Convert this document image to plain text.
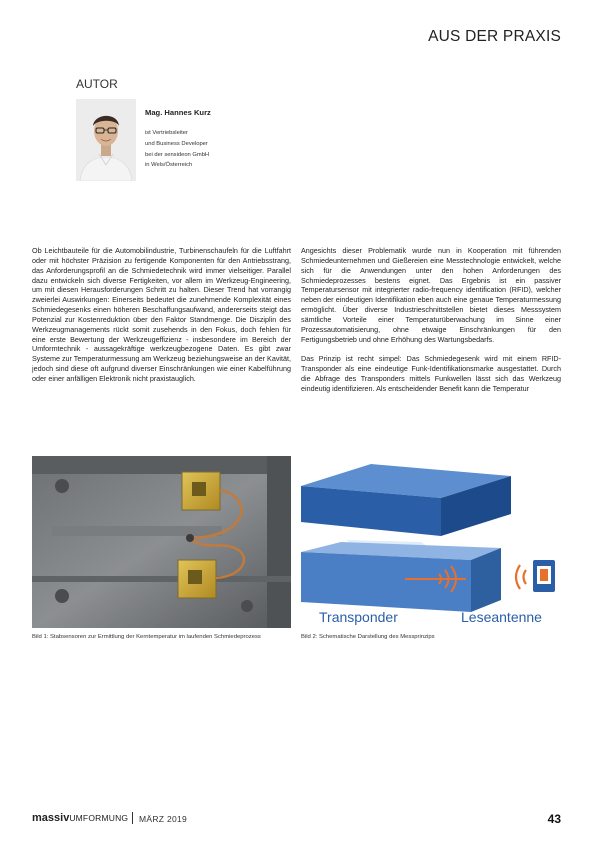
AUS DER PRAXIS
AUTOR
Mag. Hannes Kurz
ist Vertriebsleiter
und Business Developer
bei der sensideon GmbH
in Wels/Österreich

Ob Leichtbauteile für die Automobilindustrie, Turbinenschaufeln für die Luftfahrt oder mit höchster Präzision zu fertigende Komponenten für den Antriebsstrang, das Anforderungsprofil an die Schmiedetechnik wird immer vielseitiger. Parallel dazu entwickeln sich diverse Fertigkeiten, vor allem im Werkzeug-Engineering, um mit diesen Herausforderungen Schritt zu halten. Dieser Trend hat vorrangig zweierlei Auswirkungen: Einerseits bedeutet die zunehmende Komplexität eines Schmiedegesenks einen höheren Beschaffungsaufwand, andererseits steigt das Potenzial zur Kostenreduktion über den Faktor Standmenge. Die Disziplin des Werkzeugmanagements rückt somit zusehends in den Fokus, doch fehlen für eine erste Bewertung der Werkzeugeffizienz - insbesondere im Bereich der Umformtechnik - aussagekräftige werkzeugbezogene Daten. Es gibt zwar Systeme zur Temperaturmessung am Werkzeug beziehungsweise an der Kavität, jedoch sind diese oft aufgrund diverser Einschränkungen wie einer Kabelführung oder einer anfälligen Elektronik nicht praxistauglich.

Angesichts dieser Problematik wurde nun in Kooperation mit führenden Schmiedeunternehmen und Gießereien eine Messtechnologie entwickelt, welche sich für die Anwendungen unter den hohen Anforderungen des Schmiedeprozesses bestens eignet. Das Ergebnis ist ein passiver Temperatursensor mit integrierter radio-frequency identification (RFID), welcher neben der eindeutigen Identifikation eben auch eine genaue Temperaturmessung ermöglicht. Über diverse Industrieschnittstellen bietet dieses Messsystem sämtliche Vorteile einer Temperaturüberwachung im Sinne einer Prozessautomatisierung, ohne etwaige Einschränkungen für den Fertigungsbetrieb und ohne Erhöhung des Wartungsbedarfs.

Das Prinzip ist recht simpel: Das Schmiedegesenk wird mit einem RFID-Transponder als eine eindeutige Funk-Identifikationsmarke ausgestattet. Durch die Abfrage des Transponders mittels Funkwellen lässt sich das Werkzeug eindeutig identifizieren. Als entscheidender Benefit kann die Temperatur

Transponder	Leseantenne
Bild 1: Stabsensoren zur Ermittlung der Kerntemperatur im laufenden Schmiedeprozess	Bild 2: Schematische Darstellung des Messprinzips
massivUMFORMUNG MÄRZ 2019	43
